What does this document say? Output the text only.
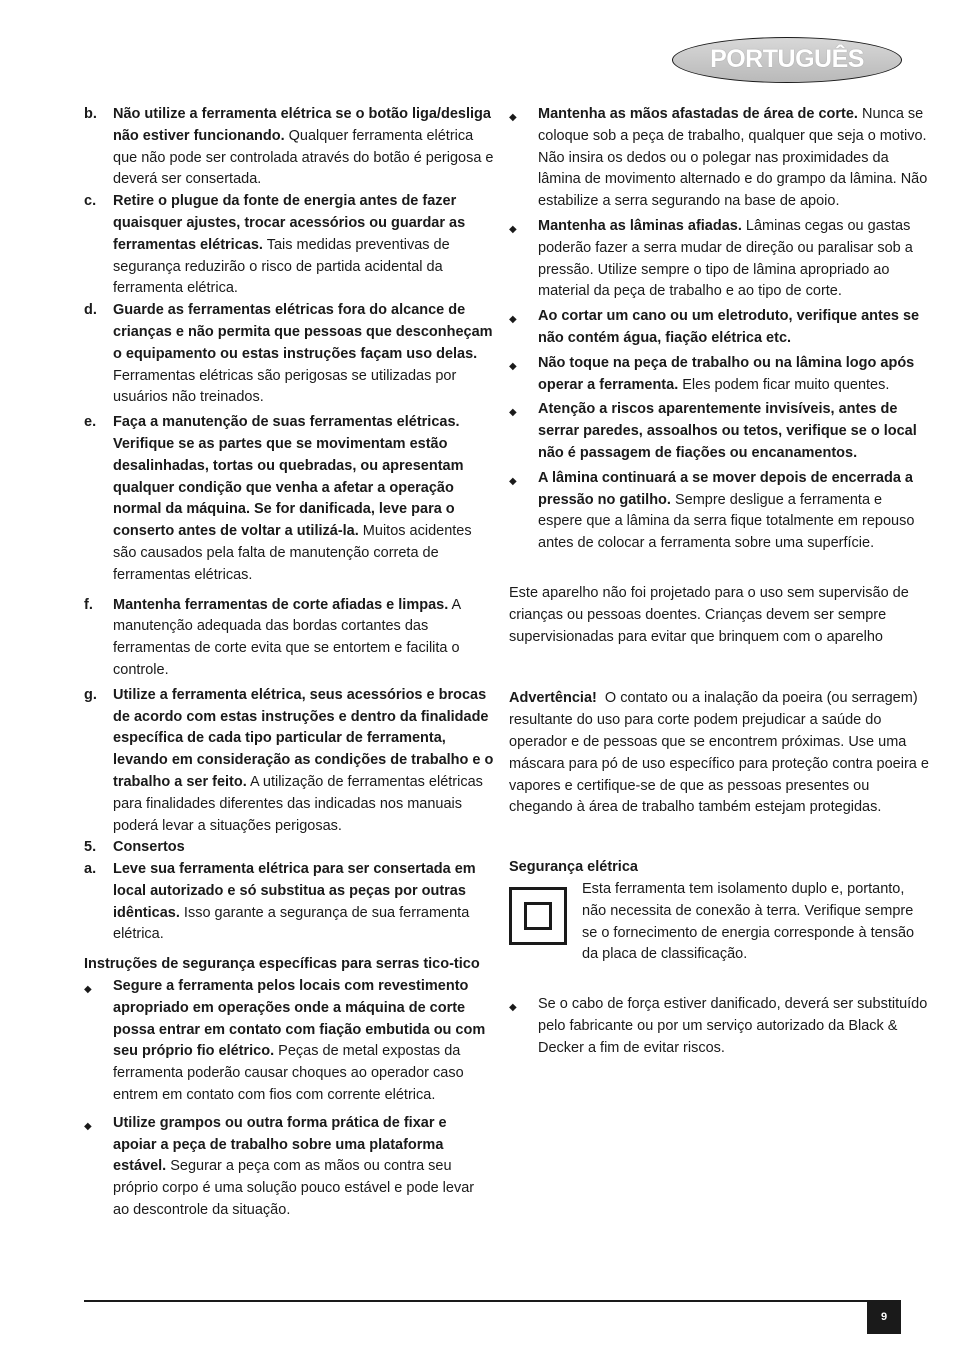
PORTUGUÊS
b. Não utilize a ferramenta elétrica se o botão liga/desliga não estiver funcionando. Qualquer ferramenta elétrica que não pode ser controlada através do botão é perigosa e deverá ser consertada.
c. Retire o plugue da fonte de energia antes de fazer quaisquer ajustes, trocar acessórios ou guardar as ferramentas elétricas. Tais medidas preventivas de segurança reduzirão o risco de partida acidental da ferramenta elétrica.
d. Guarde as ferramentas elétricas fora do alcance de crianças e não permita que pessoas que desconheçam o equipamento ou estas instruções façam uso delas. Ferramentas elétricas são perigosas se utilizadas por usuários não treinados.
e. Faça a manutenção de suas ferramentas elétricas. Verifique se as partes que se movimentam estão desalinhadas, tortas ou quebradas, ou apresentam qualquer condição que venha a afetar a operação normal da máquina. Se for danificada, leve para o conserto antes de voltar a utilizá-la. Muitos acidentes são causados pela falta de manutenção correta de ferramentas elétricas.
f. Mantenha ferramentas de corte afiadas e limpas. A manutenção adequada das bordas cortantes das ferramentas de corte evita que se entortem e facilita o controle.
g. Utilize a ferramenta elétrica, seus acessórios e brocas de acordo com estas instruções e dentro da finalidade específica de cada tipo particular de ferramenta, levando em consideração as condições de trabalho e o trabalho a ser feito. A utilização de ferramentas elétricas para finalidades diferentes das indicadas nos manuais poderá levar a situações perigosas.
5. Consertos
a. Leve sua ferramenta elétrica para ser consertada em local autorizado e só substitua as peças por outras idênticas. Isso garante a segurança de sua ferramenta elétrica.

Instruções de segurança específicas para serras tico-tico

◆ Segure a ferramenta pelos locais com revestimento apropriado em operações onde a máquina de corte possa entrar em contato com fiação embutida ou com seu próprio fio elétrico. Peças de metal expostas da ferramenta poderão causar choques ao operador caso entrem em contato com fios com corrente elétrica.
◆ Utilize grampos ou outra forma prática de fixar e apoiar a peça de trabalho sobre uma plataforma estável. Segurar a peça com as mãos ou contra seu próprio corpo é uma solução pouco estável e pode levar ao descontrole da situação.
◆ Mantenha as mãos afastadas de área de corte. Nunca se coloque sob a peça de trabalho, qualquer que seja o motivo. Não insira os dedos ou o polegar nas proximidades da lâmina de movimento alternado e do grampo da lâmina. Não estabilize a serra segurando na base de apoio.
◆ Mantenha as lâminas afiadas. Lâminas cegas ou gastas poderão fazer a serra mudar de direção ou paralisar sob a pressão. Utilize sempre o tipo de lâmina apropriado ao material da peça de trabalho e ao tipo de corte.
◆ Ao cortar um cano ou um eletroduto, verifique antes se não contém água, fiação elétrica etc.
◆ Não toque na peça de trabalho ou na lâmina logo após operar a ferramenta. Eles podem ficar muito quentes.
◆ Atenção a riscos aparentemente invisíveis, antes de serrar paredes, assoalhos ou tetos, verifique se o local não é passagem de fiações ou encanamentos.
◆ A lâmina continuará a se mover depois de encerrada a pressão no gatilho. Sempre desligue a ferramenta e espere que a lâmina da serra fique totalmente em repouso antes de colocar a ferramenta sobre uma superfície.

Este aparelho não foi projetado para o uso sem supervisão de crianças ou pessoas doentes. Crianças devem ser sempre supervisionadas para evitar que brinquem com o aparelho

Advertência! O contato ou a inalação da poeira (ou serragem) resultante do uso para corte podem prejudicar a saúde do operador e de pessoas que se encontrem próximas. Use uma máscara para pó de uso específico para proteção contra poeira e vapores e certifique-se de que as pessoas presentes ou chegando à área de trabalho também estejam protegidas.

Segurança elétrica

Esta ferramenta tem isolamento duplo e, portanto, não necessita de conexão à terra. Verifique sempre se o fornecimento de energia corresponde à tensão da placa de classificação.

◆ Se o cabo de força estiver danificado, deverá ser substituído pelo fabricante ou por um serviço autorizado da Black & Decker a fim de evitar riscos.
9
